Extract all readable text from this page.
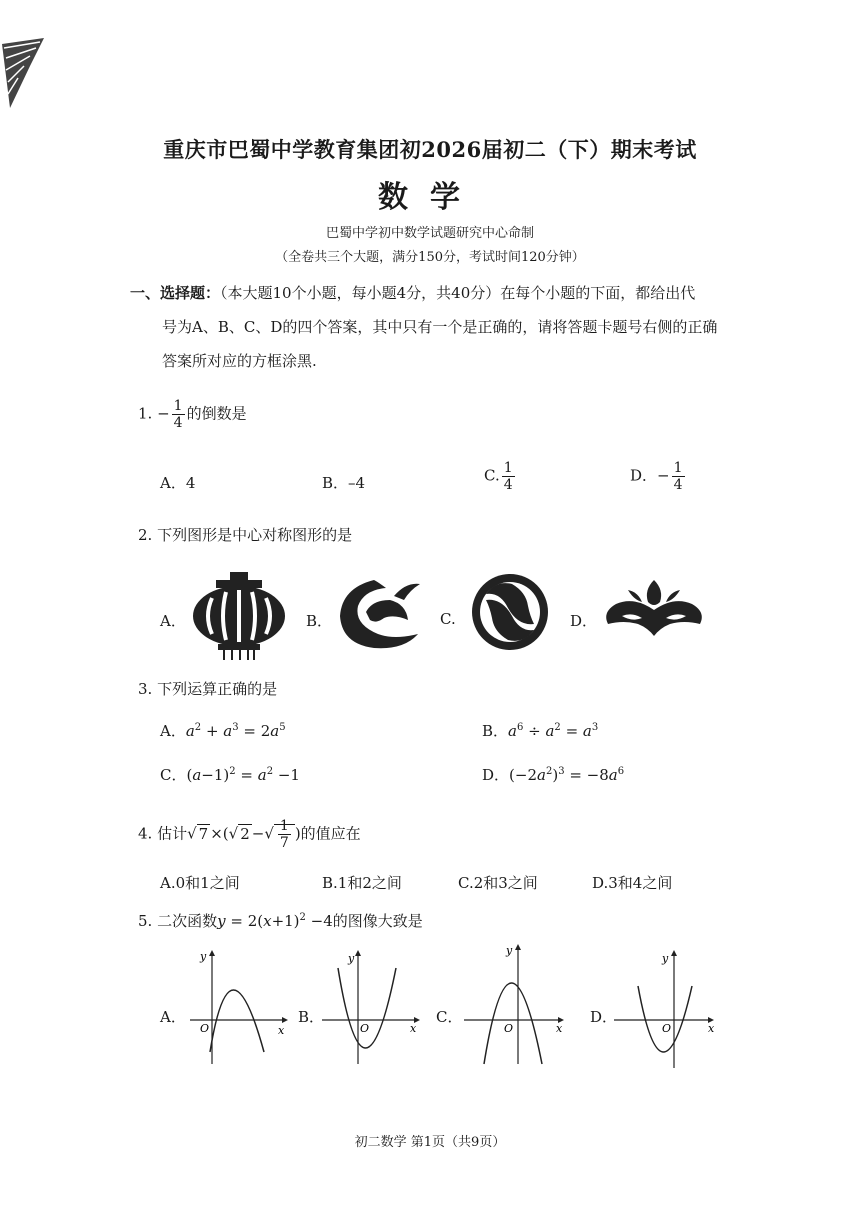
重庆市巴蜀中学教育集团初2026届初二（下）期末考试
数学
巴蜀中学初中数学试题研究中心命制
（全卷共三个大题，满分150分，考试时间120分钟）
一、选择题：（本大题10个小题，每小题4分，共40分）在每个小题的下面，都给出代
号为A、B、C、D的四个答案，其中只有一个是正确的，请将答题卡题号右侧的正确
答案所对应的方框涂黑.
1. − $\frac{1}{4}$ 的倒数是
A．4	B．–4	C. $\frac{1}{4}$	D．− $\frac{1}{4}$
2. 下列图形是中心对称图形的是
A．	B．	C.	D．
3. 下列运算正确的是
A．$a^2 + a^3 = 2a^5$	B．$a^6 \div a^2 = a^3$
C．$(a-1)^2 = a^2 -1$	D．$(-2a^2)^3 = -8a^6$
4. 估计√ 7 ×(√ 2 −√ $\frac{1}{7}$ )的值应在
A.0和1之间	B.1和2之间	C.2和3之间	D.3和4之间
5. 二次函数$y = 2(x+1)^2 -4$的图像大致是
A．
y
x
O
B．
y
x
O
C．
y
x
O
D．
y
x
O
初二数学 第1页（共9页）
